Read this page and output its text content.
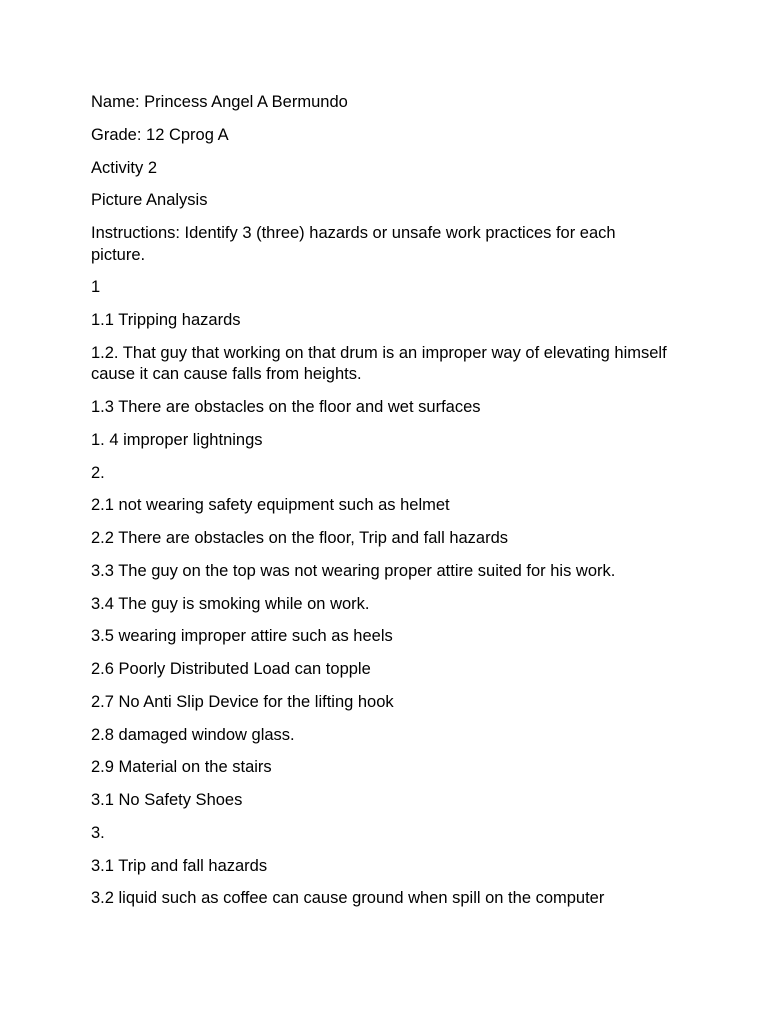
Name: Princess Angel A Bermundo

Grade: 12 Cprog A

Activity 2

Picture Analysis

Instructions: Identify 3 (three) hazards or unsafe work practices for each picture.

1

1.1 Tripping hazards

1.2. That guy that working on that drum is an improper way of elevating himself cause it can cause falls from heights.

1.3 There are obstacles on the floor and wet surfaces

1. 4 improper lightnings

2.

2.1 not wearing safety equipment such as helmet

2.2 There are obstacles on the floor, Trip and fall hazards

3.3 The guy on the top was not wearing proper attire suited for his work.

3.4 The guy is smoking while on work.

3.5 wearing improper attire such as heels

2.6 Poorly Distributed Load can topple

2.7 No Anti Slip Device for the lifting hook

2.8 damaged window glass.

2.9 Material on the stairs

3.1 No Safety Shoes

3.

3.1 Trip and fall hazards

3.2 liquid such as coffee can cause ground when spill on the computer
